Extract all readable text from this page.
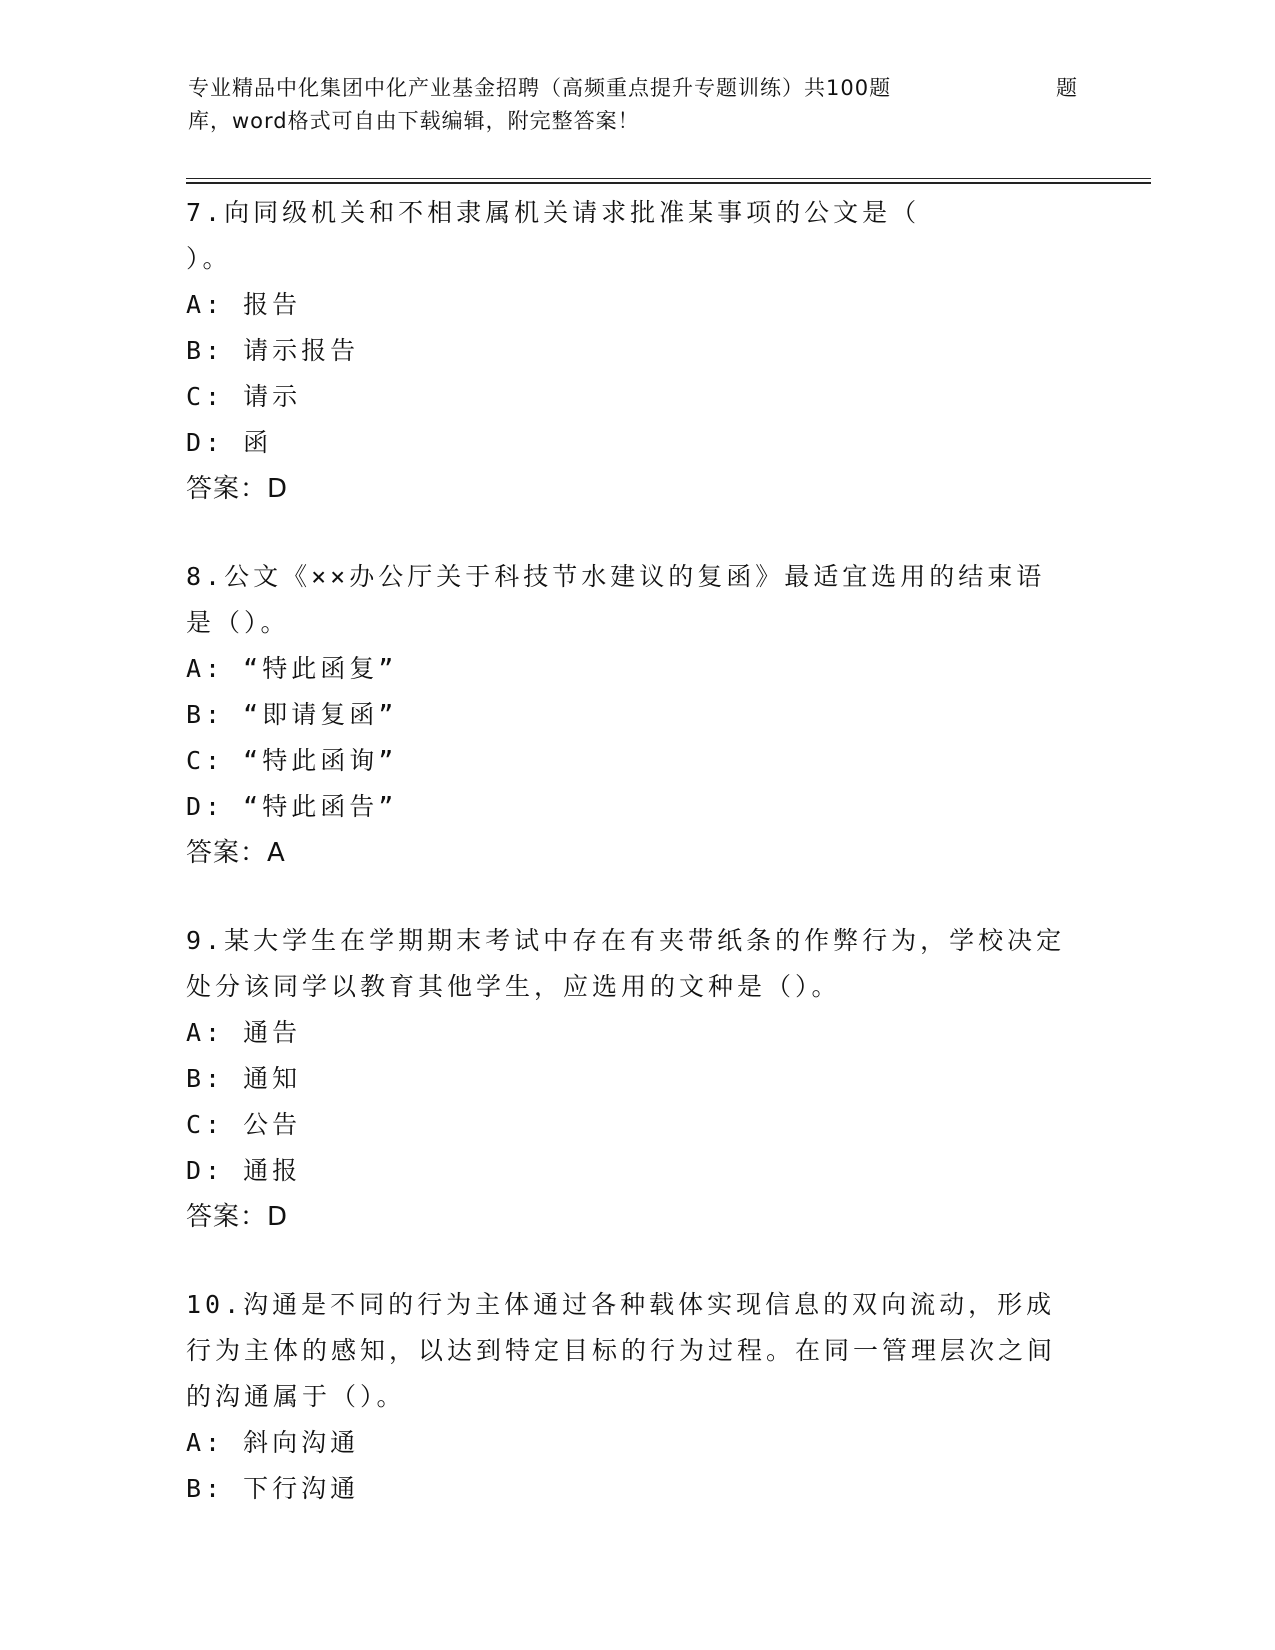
专业精品中化集团中化产业基金招聘（高频重点提升专题训练）共100题	题
库，word格式可自由下载编辑，附完整答案！
7.向同级机关和不相隶属机关请求批准某事项的公文是（      ）。
A: 报告
B: 请示报告
C: 请示
D: 函
答案：D
8.公文《××办公厅关于科技节水建议的复函》最适宜选用的结束语是（）。
A: “特此函复”
B: “即请复函”
C: “特此函询”
D: “特此函告”
答案：A
9.某大学生在学期期末考试中存在有夹带纸条的作弊行为，学校决定处分该同学以教育其他学生，应选用的文种是（）。
A: 通告
B: 通知
C: 公告
D: 通报
答案：D
10.沟通是不同的行为主体通过各种载体实现信息的双向流动，形成行为主体的感知，以达到特定目标的行为过程。在同一管理层次之间的沟通属于（）。
A: 斜向沟通
B: 下行沟通
